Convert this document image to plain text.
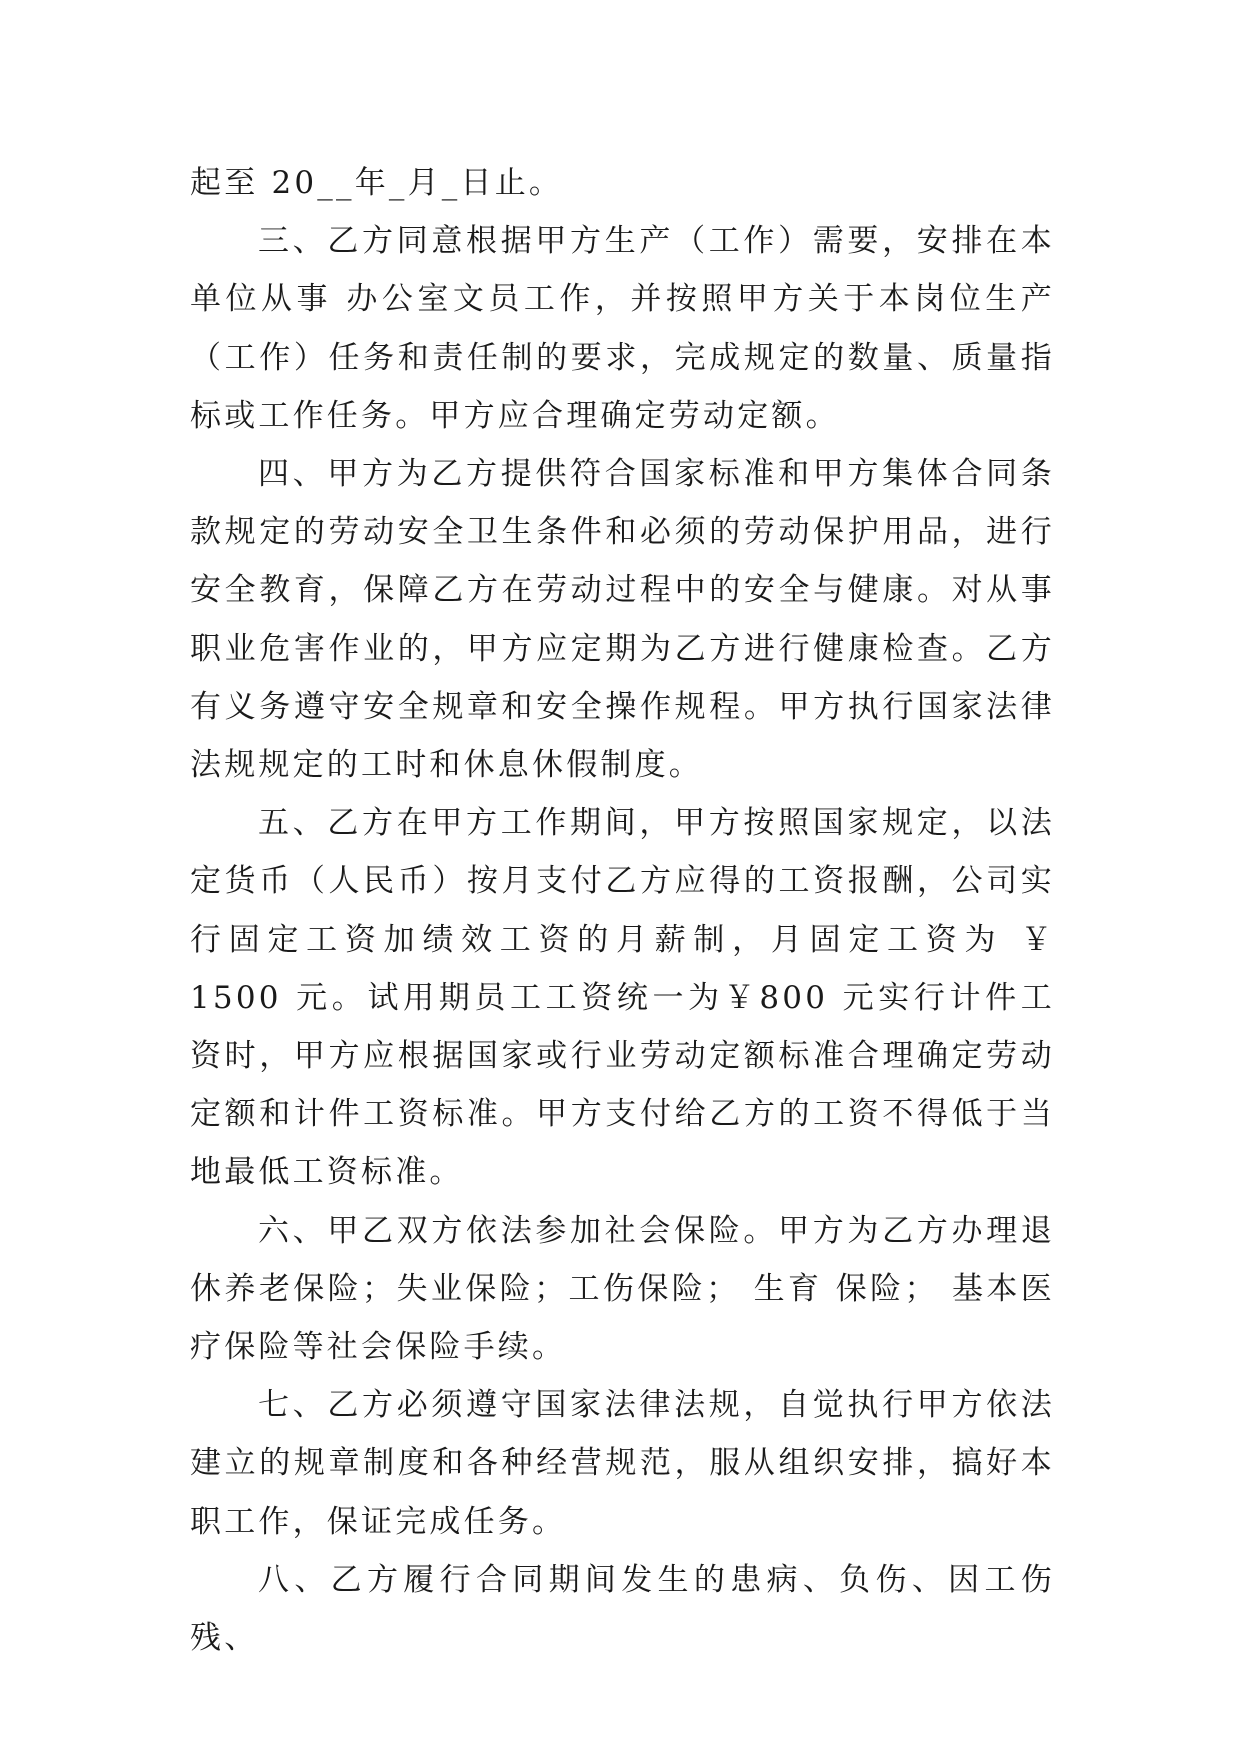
起至 20__年_月_日止。

三、乙方同意根据甲方生产（工作）需要，安排在本单位从事 办公室文员工作，并按照甲方关于本岗位生产（工作）任务和责任制的要求，完成规定的数量、质量指标或工作任务。甲方应合理确定劳动定额。

四、甲方为乙方提供符合国家标准和甲方集体合同条款规定的劳动安全卫生条件和必须的劳动保护用品，进行安全教育，保障乙方在劳动过程中的安全与健康。对从事职业危害作业的，甲方应定期为乙方进行健康检查。乙方有义务遵守安全规章和安全操作规程。甲方执行国家法律法规规定的工时和休息休假制度。

五、乙方在甲方工作期间，甲方按照国家规定，以法定货币（人民币）按月支付乙方应得的工资报酬，公司实行固定工资加绩效工资的月薪制，月固定工资为 ￥ 1500 元。试用期员工工资统一为￥800 元实行计件工资时，甲方应根据国家或行业劳动定额标准合理确定劳动定额和计件工资标准。甲方支付给乙方的工资不得低于当地最低工资标准。

六、甲乙双方依法参加社会保险。甲方为乙方办理退休养老保险；失业保险；工伤保险； 生育 保险； 基本医疗保险等社会保险手续。

七、乙方必须遵守国家法律法规，自觉执行甲方依法建立的规章制度和各种经营规范，服从组织安排，搞好本职工作，保证完成任务。

八、乙方履行合同期间发生的患病、负伤、因工伤残、
